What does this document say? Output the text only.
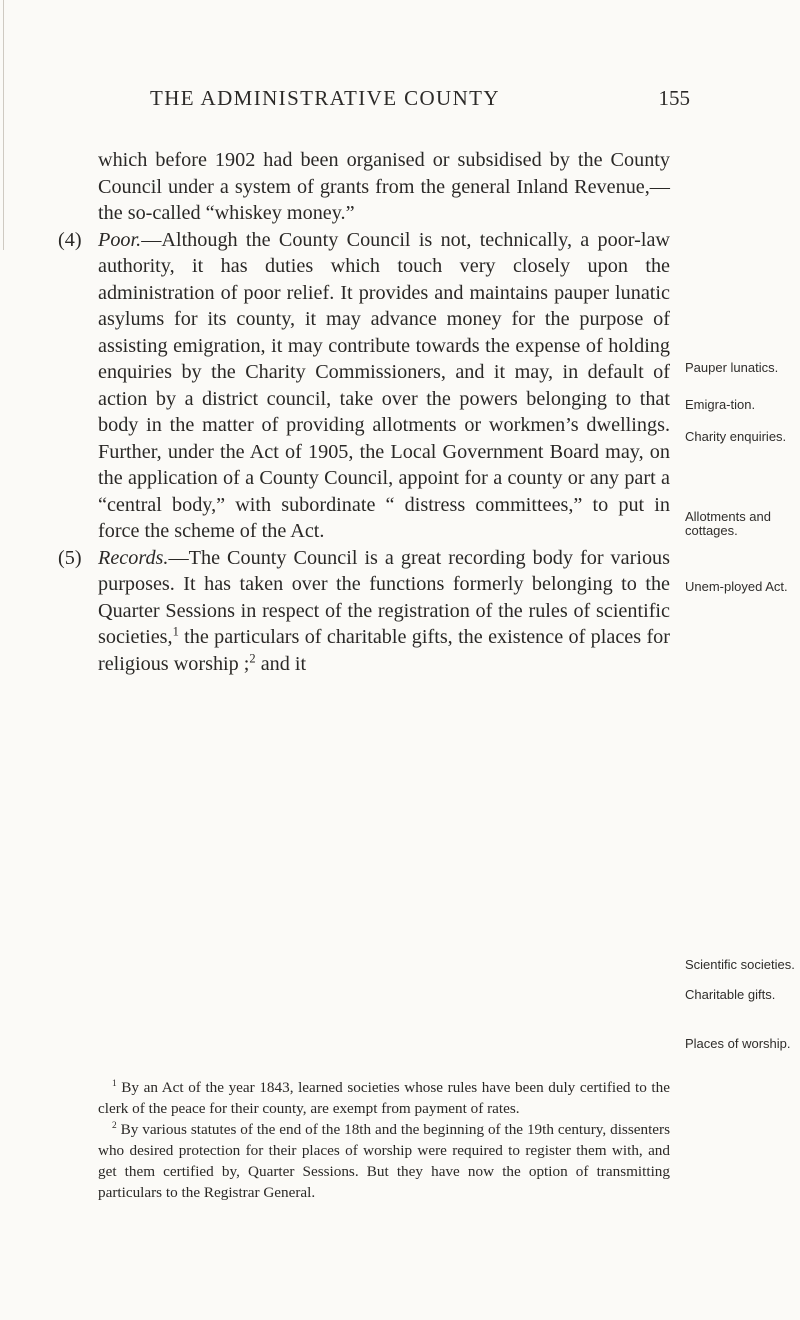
THE ADMINISTRATIVE COUNTY	155

which before 1902 had been organised or subsidised by the County Council under a system of grants from the general Inland Revenue,—the so-called “whiskey money.”

(4) Poor.—Although the County Council is not, technically, a poor-law authority, it has duties which touch very closely upon the administration of poor relief. It provides and maintains pauper lunatic asylums for its county, it may advance money for the purpose of assisting emigration, it may contribute towards the expense of holding enquiries by the Charity Commissioners, and it may, in default of action by a district council, take over the powers belonging to that body in the matter of providing allotments or workmen’s dwellings. Further, under the Act of 1905, the Local Government Board may, on the application of a County Council, appoint for a county or any part a “central body,” with subordinate “ distress committees,” to put in force the scheme of the Act.

(5) Records.—The County Council is a great recording body for various purposes. It has taken over the functions formerly belonging to the Quarter Sessions in respect of the registration of the rules of scientific societies,$^1$ the particulars of charitable gifts, the existence of places for religious worship ;$^2$ and it

Pauper lunatics.
Emigra-tion.
Charity enquiries.
Allotments and cottages.
Unem-ployed Act.
Scientific societies.
Charitable gifts.
Places of worship.

$^1$ By an Act of the year 1843, learned societies whose rules have been duly certified to the clerk of the peace for their county, are exempt from payment of rates.

$^2$ By various statutes of the end of the 18th and the beginning of the 19th century, dissenters who desired protection for their places of worship were required to register them with, and get them certified by, Quarter Sessions. But they have now the option of transmitting particulars to the Registrar General.
